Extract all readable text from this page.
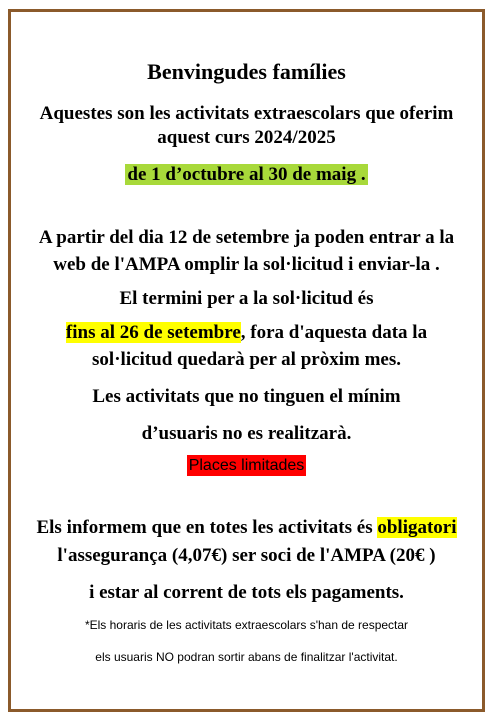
Benvingudes famílies
Aquestes son les activitats extraescolars que oferim
aquest curs 2024/2025
de 1 d’octubre al 30 de maig .
A partir del dia 12 de setembre ja poden entrar a la
web de l'AMPA omplir la sol·licitud i enviar-la .
El termini per a la sol·licitud és
fins al 26 de setembre, fora d'aquesta data la
sol·licitud quedarà per al pròxim mes.
Les activitats que no tinguen el mínim
d’usuaris no es realitzarà.
Places limitades
Els informem que en totes les activitats és obligatori
l'assegurança (4,07€) ser soci de l'AMPA (20€ )
i estar al corrent de tots els pagaments.
*Els horaris de les activitats extraescolars s'han de respectar
els usuaris NO podran sortir abans de finalitzar l'activitat.
